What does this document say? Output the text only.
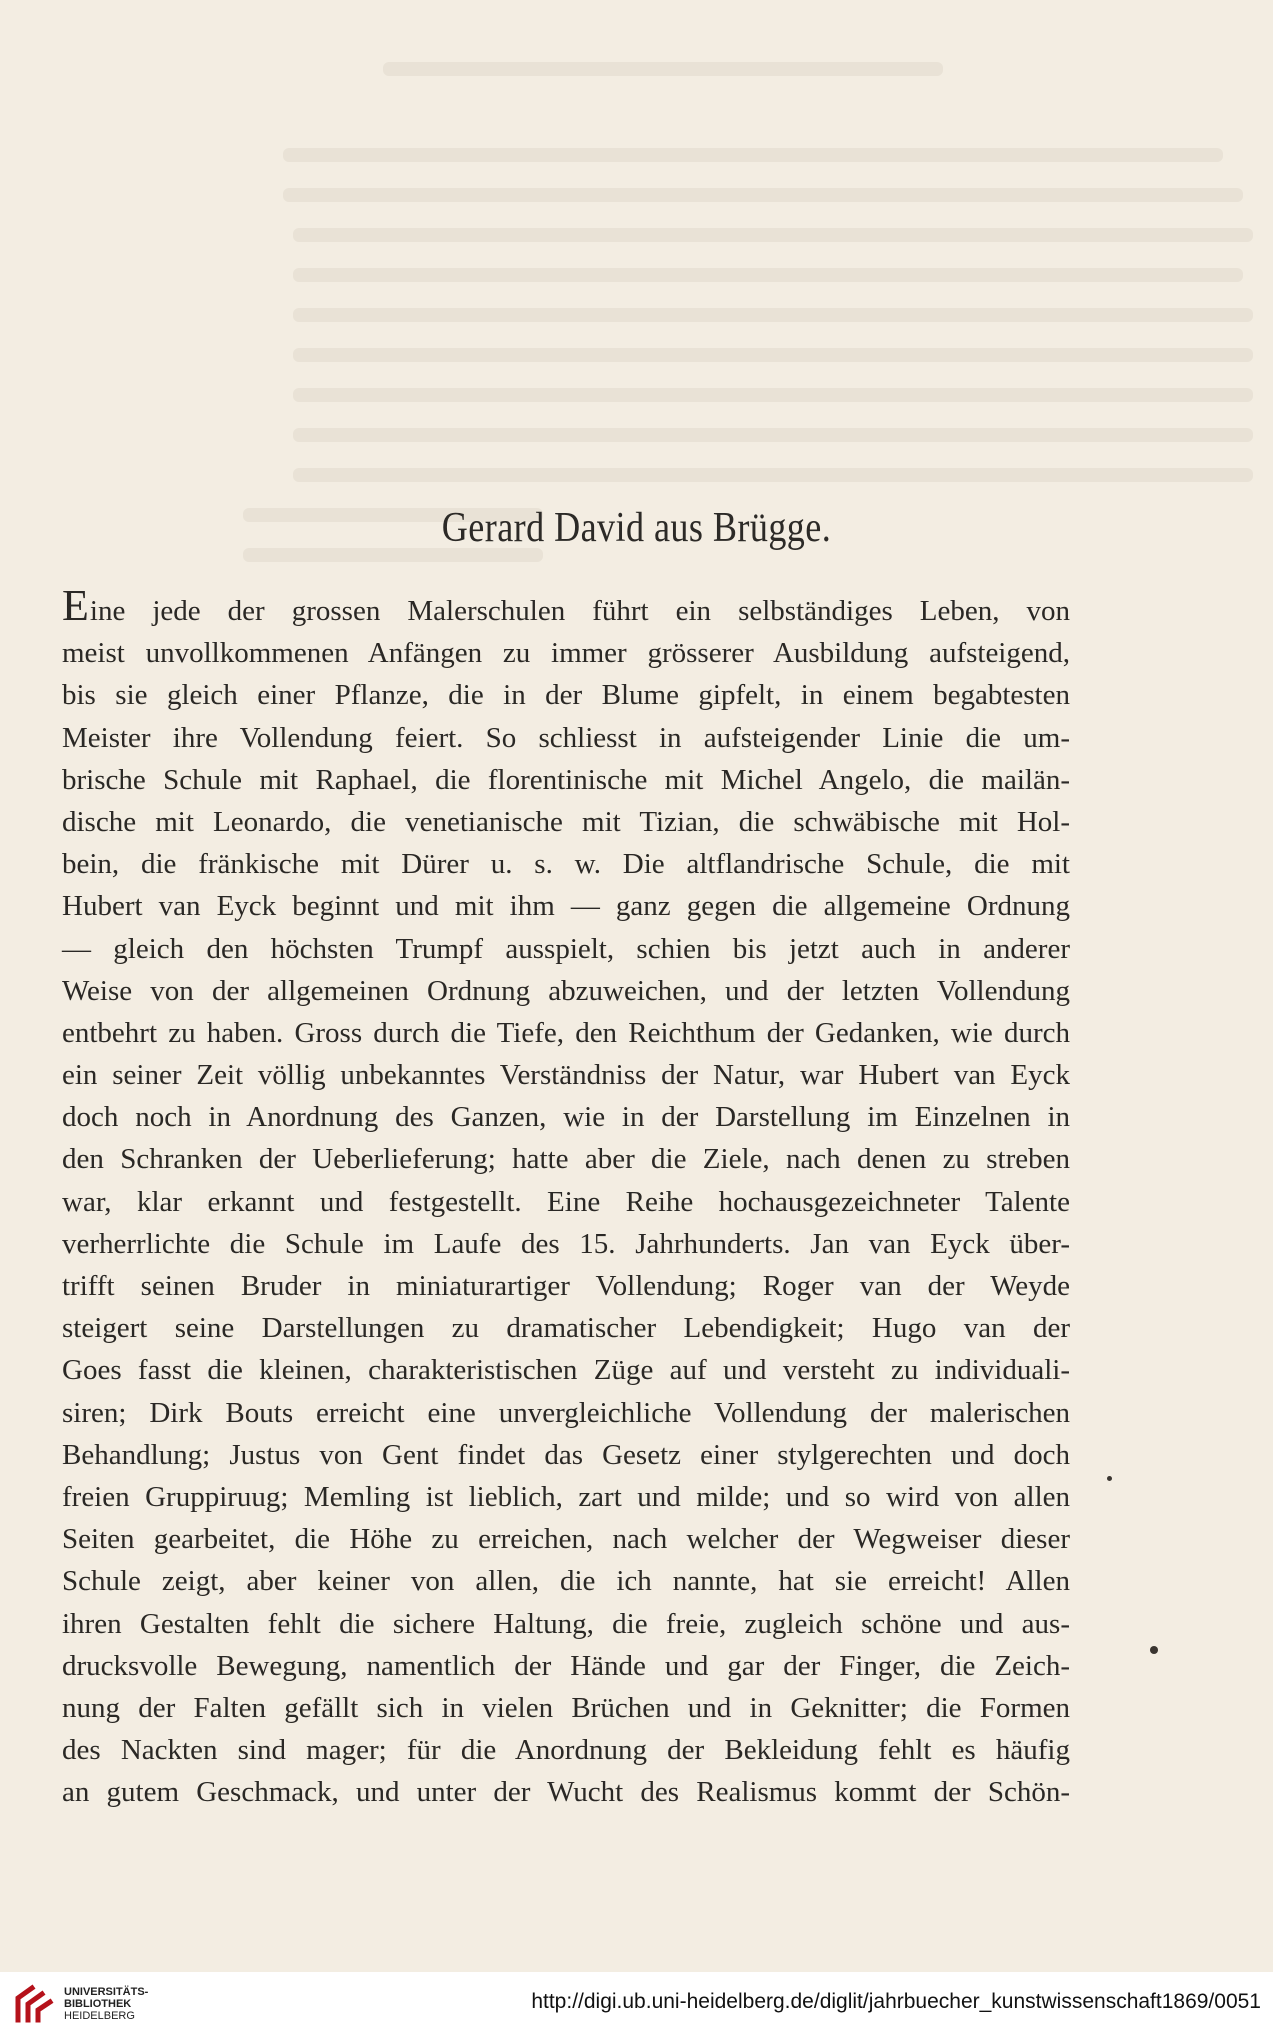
Gerard David aus Brügge.
Eine jede der grossen Malerschulen führt ein selbständiges Leben, von
meist unvollkommenen Anfängen zu immer grösserer Ausbildung aufsteigend,
bis sie gleich einer Pflanze, die in der Blume gipfelt, in einem begabtesten
Meister ihre Vollendung feiert. So schliesst in aufsteigender Linie die um-
brische Schule mit Raphael, die florentinische mit Michel Angelo, die mailän-
dische mit Leonardo, die venetianische mit Tizian, die schwäbische mit Hol-
bein, die fränkische mit Dürer u. s. w. Die altflandrische Schule, die mit
Hubert van Eyck beginnt und mit ihm — ganz gegen die allgemeine Ordnung
— gleich den höchsten Trumpf ausspielt, schien bis jetzt auch in anderer
Weise von der allgemeinen Ordnung abzuweichen, und der letzten Vollendung
entbehrt zu haben. Gross durch die Tiefe, den Reichthum der Gedanken, wie durch
ein seiner Zeit völlig unbekanntes Verständniss der Natur, war Hubert van Eyck
doch noch in Anordnung des Ganzen, wie in der Darstellung im Einzelnen in
den Schranken der Ueberlieferung; hatte aber die Ziele, nach denen zu streben
war, klar erkannt und festgestellt. Eine Reihe hochausgezeichneter Talente
verherrlichte die Schule im Laufe des 15. Jahrhunderts. Jan van Eyck über-
trifft seinen Bruder in miniaturartiger Vollendung; Roger van der Weyde
steigert seine Darstellungen zu dramatischer Lebendigkeit; Hugo van der
Goes fasst die kleinen, charakteristischen Züge auf und versteht zu individuali-
siren; Dirk Bouts erreicht eine unvergleichliche Vollendung der malerischen
Behandlung; Justus von Gent findet das Gesetz einer stylgerechten und doch
freien Gruppiruug; Memling ist lieblich, zart und milde; und so wird von allen
Seiten gearbeitet, die Höhe zu erreichen, nach welcher der Wegweiser dieser
Schule zeigt, aber keiner von allen, die ich nannte, hat sie erreicht! Allen
ihren Gestalten fehlt die sichere Haltung, die freie, zugleich schöne und aus-
drucksvolle Bewegung, namentlich der Hände und gar der Finger, die Zeich-
nung der Falten gefällt sich in vielen Brüchen und in Geknitter; die Formen
des Nackten sind mager; für die Anordnung der Bekleidung fehlt es häufig
an gutem Geschmack, und unter der Wucht des Realismus kommt der Schön-
UNIVERSITÄTS-
BIBLIOTHEK
HEIDELBERG
http://digi.ub.uni-heidelberg.de/diglit/jahrbuecher_kunstwissenschaft1869/0051
